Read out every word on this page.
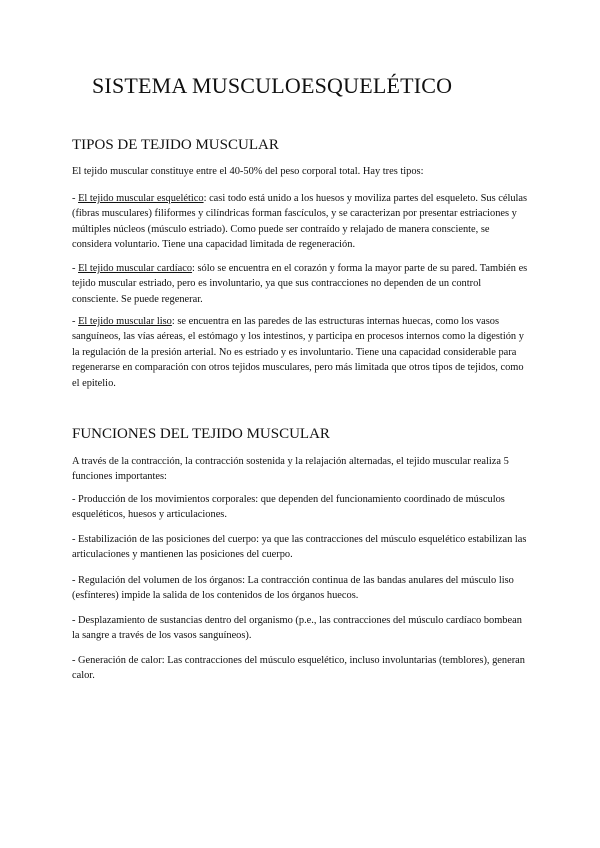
SISTEMA MUSCULOESQUELÉTICO
TIPOS DE TEJIDO MUSCULAR

El tejido muscular constituye entre el 40-50% del peso corporal total. Hay tres tipos:

- El tejido muscular esquelético: casi todo está unido a los huesos y moviliza partes del esqueleto. Sus células (fibras musculares) filiformes y cilíndricas forman fascículos, y se caracterizan por presentar estriaciones y múltiples núcleos (músculo estriado). Como puede ser contraído y relajado de manera consciente, se considera voluntario. Tiene una capacidad limitada de regeneración.

- El tejido muscular cardíaco: sólo se encuentra en el corazón y forma la mayor parte de su pared. También es tejido muscular estriado, pero es involuntario, ya que sus contracciones no dependen de un control consciente. Se puede regenerar.

- El tejido muscular liso: se encuentra en las paredes de las estructuras internas huecas, como los vasos sanguíneos, las vías aéreas, el estómago y los intestinos, y participa en procesos internos como la digestión y la regulación de la presión arterial. No es estriado y es involuntario. Tiene una capacidad considerable para regenerarse en comparación con otros tejidos musculares, pero más limitada que otros tipos de tejidos, como el epitelio.

FUNCIONES DEL TEJIDO MUSCULAR

A través de la contracción, la contracción sostenida y la relajación alternadas, el tejido muscular realiza 5 funciones importantes:

- Producción de los movimientos corporales: que dependen del funcionamiento coordinado de músculos esqueléticos, huesos y articulaciones.

- Estabilización de las posiciones del cuerpo: ya que las contracciones del músculo esquelético estabilizan las articulaciones y mantienen las posiciones del cuerpo.

- Regulación del volumen de los órganos: La contracción continua de las bandas anulares del músculo liso (esfínteres) impide la salida de los contenidos de los órganos huecos.

- Desplazamiento de sustancias dentro del organismo (p.e., las contracciones del músculo cardíaco bombean la sangre a través de los vasos sanguíneos).

- Generación de calor: Las contracciones del músculo esquelético, incluso involuntarias (temblores), generan calor.
